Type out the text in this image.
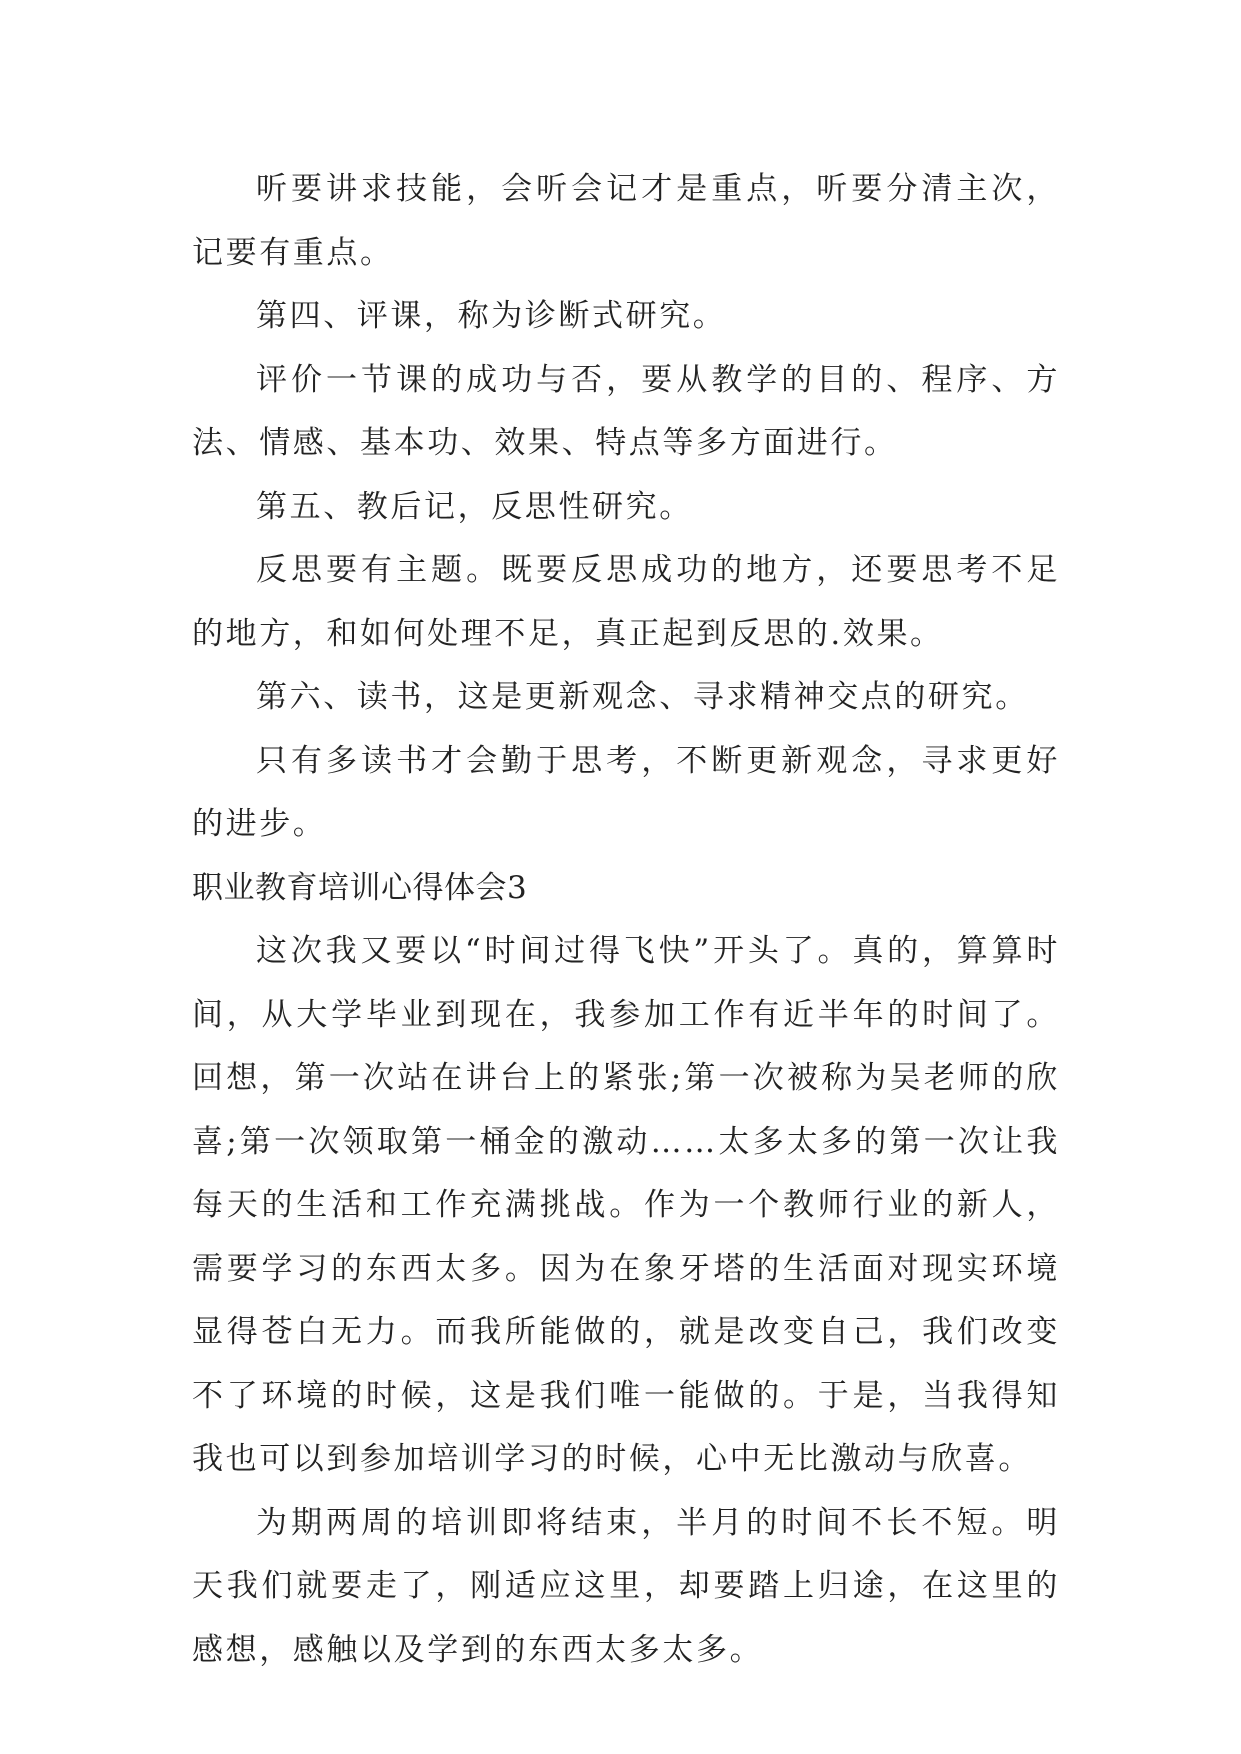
听要讲求技能，会听会记才是重点，听要分清主次，记要有重点。

第四、评课，称为诊断式研究。

评价一节课的成功与否，要从教学的目的、程序、方法、情感、基本功、效果、特点等多方面进行。

第五、教后记，反思性研究。

反思要有主题。既要反思成功的地方，还要思考不足的地方，和如何处理不足，真正起到反思的.效果。

第六、读书，这是更新观念、寻求精神交点的研究。

只有多读书才会勤于思考，不断更新观念，寻求更好的进步。

职业教育培训心得体会3

这次我又要以“时间过得飞快”开头了。真的，算算时间，从大学毕业到现在，我参加工作有近半年的时间了。回想，第一次站在讲台上的紧张;第一次被称为吴老师的欣喜;第一次领取第一桶金的激动……太多太多的第一次让我每天的生活和工作充满挑战。作为一个教师行业的新人，需要学习的东西太多。因为在象牙塔的生活面对现实环境显得苍白无力。而我所能做的，就是改变自己，我们改变不了环境的时候，这是我们唯一能做的。于是，当我得知我也可以到参加培训学习的时候，心中无比激动与欣喜。

为期两周的培训即将结束，半月的时间不长不短。明天我们就要走了，刚适应这里，却要踏上归途，在这里的感想，感触以及学到的东西太多太多。
